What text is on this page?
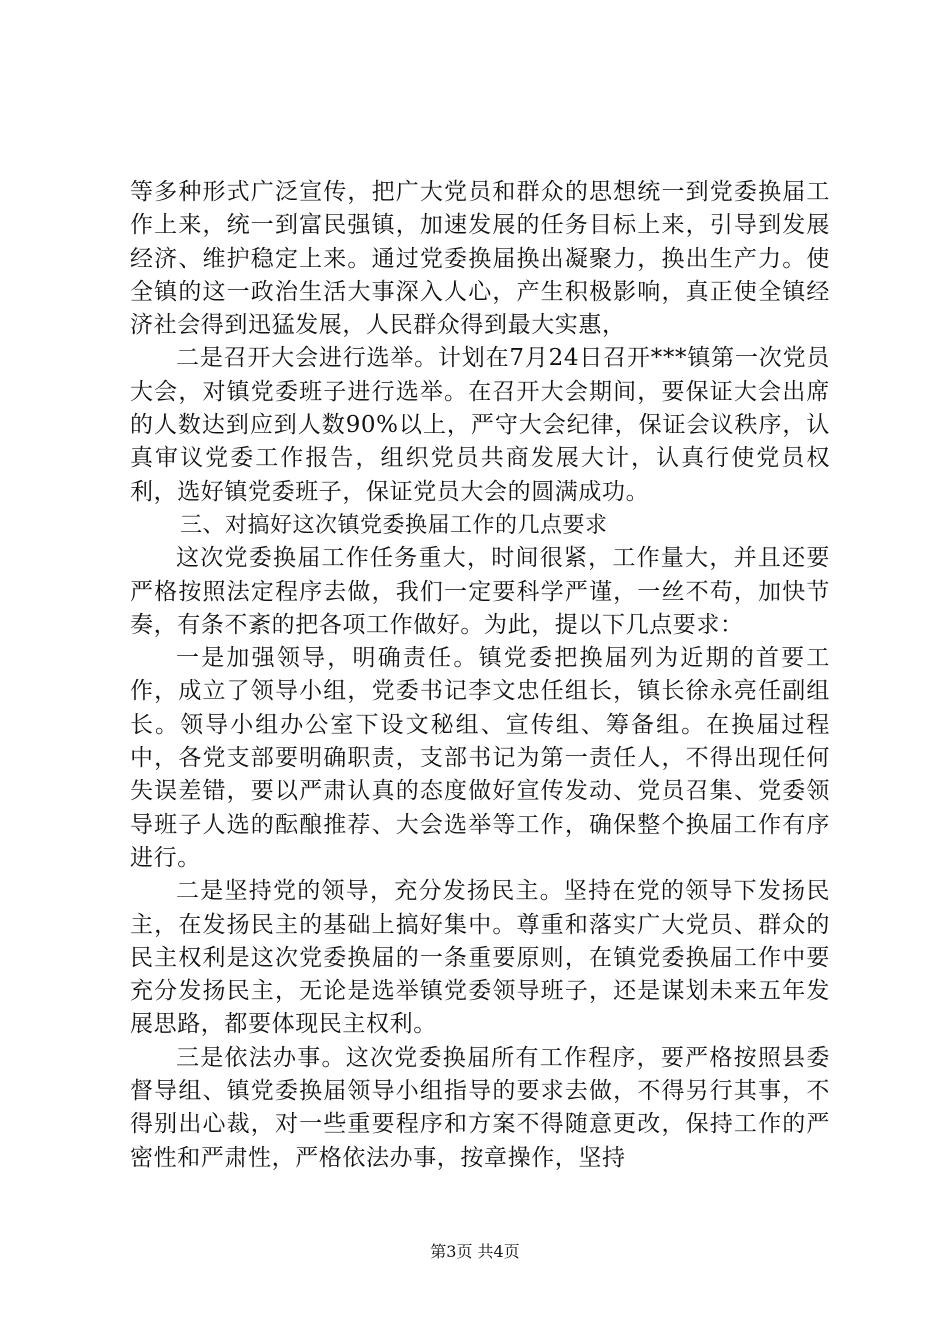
等多种形式广泛宣传，把广大党员和群众的思想统一到党委换届工作上来，统一到富民强镇，加速发展的任务目标上来，引导到发展经济、维护稳定上来。通过党委换届换出凝聚力，换出生产力。使全镇的这一政治生活大事深入人心，产生积极影响，真正使全镇经济社会得到迅猛发展，人民群众得到最大实惠，

二是召开大会进行选举。计划在7月24日召开***镇第一次党员大会，对镇党委班子进行选举。在召开大会期间，要保证大会出席的人数达到应到人数90%以上，严守大会纪律，保证会议秩序，认真审议党委工作报告，组织党员共商发展大计，认真行使党员权利，选好镇党委班子，保证党员大会的圆满成功。

三、对搞好这次镇党委换届工作的几点要求

这次党委换届工作任务重大，时间很紧，工作量大，并且还要严格按照法定程序去做，我们一定要科学严谨，一丝不苟，加快节奏，有条不紊的把各项工作做好。为此，提以下几点要求：

一是加强领导，明确责任。镇党委把换届列为近期的首要工作，成立了领导小组，党委书记李文忠任组长，镇长徐永亮任副组长。领导小组办公室下设文秘组、宣传组、筹备组。在换届过程中，各党支部要明确职责，支部书记为第一责任人，不得出现任何失误差错，要以严肃认真的态度做好宣传发动、党员召集、党委领导班子人选的酝酿推荐、大会选举等工作，确保整个换届工作有序进行。

二是坚持党的领导，充分发扬民主。坚持在党的领导下发扬民主，在发扬民主的基础上搞好集中。尊重和落实广大党员、群众的民主权利是这次党委换届的一条重要原则，在镇党委换届工作中要充分发扬民主，无论是选举镇党委领导班子，还是谋划未来五年发展思路，都要体现民主权利。

三是依法办事。这次党委换届所有工作程序，要严格按照县委督导组、镇党委换届领导小组指导的要求去做，不得另行其事，不得别出心裁，对一些重要程序和方案不得随意更改，保持工作的严密性和严肃性，严格依法办事，按章操作，坚持

第3页 共4页
